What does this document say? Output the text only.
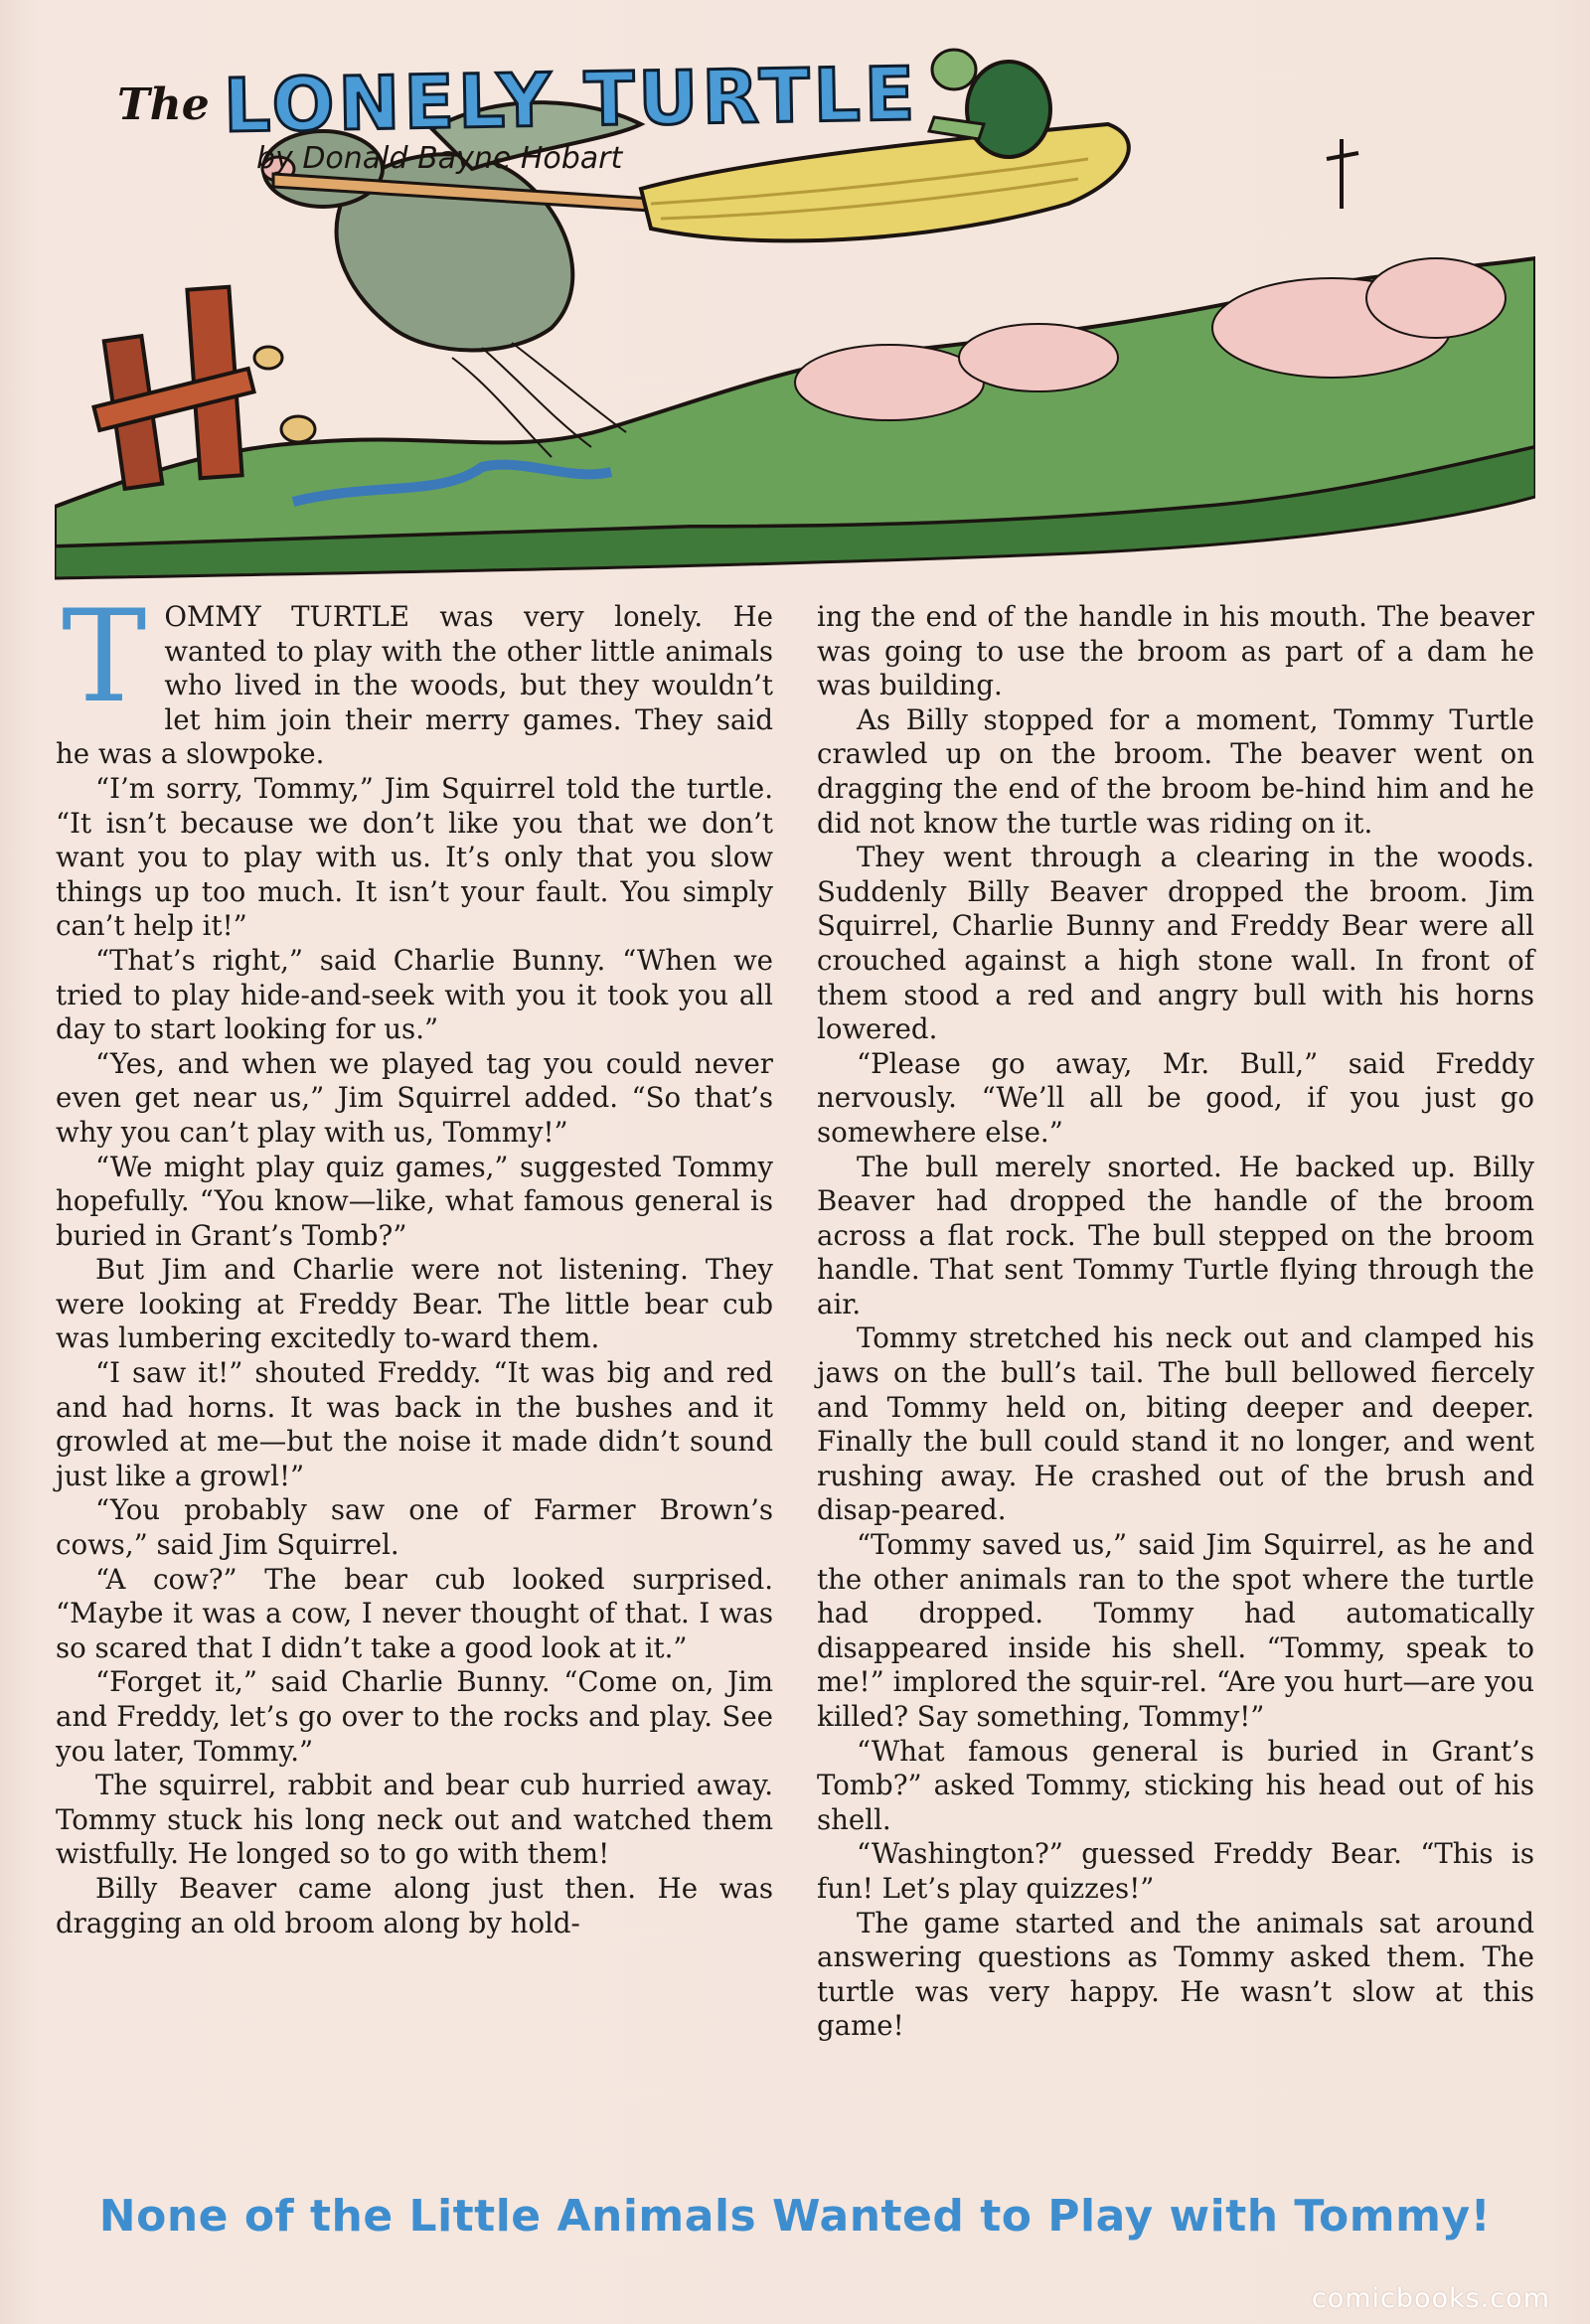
The LONELY TURTLE
by Donald Bayne Hobart

TOMMY TURTLE was very lonely. He wanted to play with the other little animals who lived in the woods, but they wouldn’t let him join their merry games. They said he was a slowpoke.

“I’m sorry, Tommy,” Jim Squirrel told the turtle. “It isn’t because we don’t like you that we don’t want you to play with us. It’s only that you slow things up too much. It isn’t your fault. You simply can’t help it!”

“That’s right,” said Charlie Bunny. “When we tried to play hide-and-seek with you it took you all day to start looking for us.”

“Yes, and when we played tag you could never even get near us,” Jim Squirrel added. “So that’s why you can’t play with us, Tommy!”

“We might play quiz games,” suggested Tommy hopefully. “You know—like, what famous general is buried in Grant’s Tomb?”

But Jim and Charlie were not listening. They were looking at Freddy Bear. The little bear cub was lumbering excitedly to-ward them.

“I saw it!” shouted Freddy. “It was big and red and had horns. It was back in the bushes and it growled at me—but the noise it made didn’t sound just like a growl!”

“You probably saw one of Farmer Brown’s cows,” said Jim Squirrel.

“A cow?” The bear cub looked surprised. “Maybe it was a cow, I never thought of that. I was so scared that I didn’t take a good look at it.”

“Forget it,” said Charlie Bunny. “Come on, Jim and Freddy, let’s go over to the rocks and play. See you later, Tommy.”

The squirrel, rabbit and bear cub hurried away. Tommy stuck his long neck out and watched them wistfully. He longed so to go with them!

Billy Beaver came along just then. He was dragging an old broom along by hold-

ing the end of the handle in his mouth. The beaver was going to use the broom as part of a dam he was building.

As Billy stopped for a moment, Tommy Turtle crawled up on the broom. The beaver went on dragging the end of the broom be-hind him and he did not know the turtle was riding on it.

They went through a clearing in the woods. Suddenly Billy Beaver dropped the broom. Jim Squirrel, Charlie Bunny and Freddy Bear were all crouched against a high stone wall. In front of them stood a red and angry bull with his horns lowered.

“Please go away, Mr. Bull,” said Freddy nervously. “We’ll all be good, if you just go somewhere else.”

The bull merely snorted. He backed up. Billy Beaver had dropped the handle of the broom across a flat rock. The bull stepped on the broom handle. That sent Tommy Turtle flying through the air.

Tommy stretched his neck out and clamped his jaws on the bull’s tail. The bull bellowed fiercely and Tommy held on, biting deeper and deeper. Finally the bull could stand it no longer, and went rushing away. He crashed out of the brush and disap-peared.

“Tommy saved us,” said Jim Squirrel, as he and the other animals ran to the spot where the turtle had dropped. Tommy had automatically disappeared inside his shell. “Tommy, speak to me!” implored the squir-rel. “Are you hurt—are you killed? Say something, Tommy!”

“What famous general is buried in Grant’s Tomb?” asked Tommy, sticking his head out of his shell.

“Washington?” guessed Freddy Bear. “This is fun! Let’s play quizzes!”

The game started and the animals sat around answering questions as Tommy asked them. The turtle was very happy. He wasn’t slow at this game!

None of the Little Animals Wanted to Play with Tommy!
comicbooks.com
